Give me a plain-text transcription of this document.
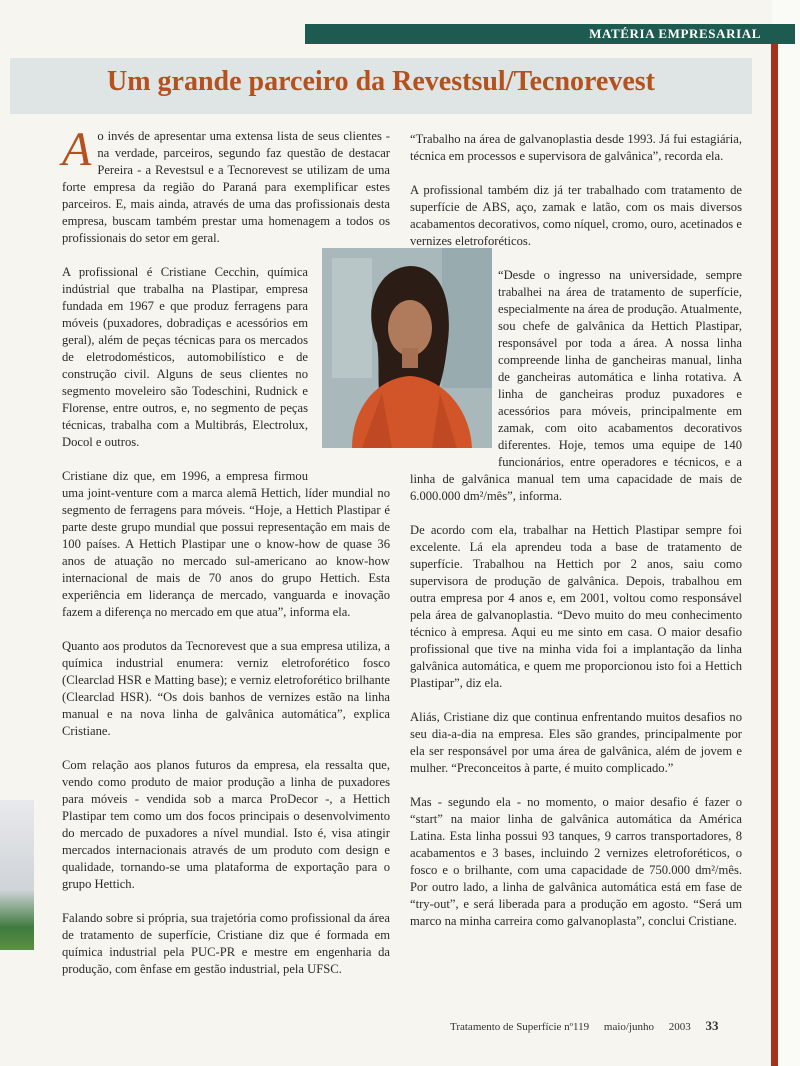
MATÉRIA EMPRESARIAL
Um grande parceiro da Revestsul/Tecnorevest

Ao invés de apresentar uma extensa lista de seus clientes - na verdade, parceiros, segundo faz questão de destacar Pereira - a Revestsul e a Tecnorevest se utilizam de uma forte empresa da região do Paraná para exemplificar estes parceiros. E, mais ainda, através de uma das profissionais desta empresa, buscam também prestar uma homenagem a todos os profissionais do setor em geral.

A profissional é Cristiane Cecchin, química indústrial que trabalha na Plastipar, empresa fundada em 1967 e que produz ferragens para móveis (puxadores, dobradiças e acessórios em geral), além de peças técnicas para os mercados de eletrodomésticos, automobilístico e de construção civil. Alguns de seus clientes no segmento moveleiro são Todeschini, Rudnick e Florense, entre outros, e, no segmento de peças técnicas, trabalha com a Multibrás, Electrolux, Docol e outros.

Cristiane diz que, em 1996, a empresa firmou uma joint-venture com a marca alemã Hettich, líder mundial no segmento de ferragens para móveis. “Hoje, a Hettich Plastipar é parte deste grupo mundial que possui representação em mais de 100 países. A Hettich Plastipar une o know-how de quase 36 anos de atuação no mercado sul-americano ao know-how internacional de mais de 70 anos do grupo Hettich. Esta experiência em liderança de mercado, vanguarda e inovação fazem a diferença no mercado em que atua”, informa ela.

Quanto aos produtos da Tecnorevest que a sua empresa utiliza, a química industrial enumera: verniz eletroforético fosco (Clearclad HSR e Matting base); e verniz eletroforético brilhante (Clearclad HSR). “Os dois banhos de vernizes estão na linha manual e na nova linha de galvânica automática”, explica Cristiane.

Com relação aos planos futuros da empresa, ela ressalta que, vendo como produto de maior produção a linha de puxadores para móveis - vendida sob a marca ProDecor -, a Hettich Plastipar tem como um dos focos principais o desenvolvimento do mercado de puxadores a nível mundial. Isto é, visa atingir mercados internacionais através de um produto com design e qualidade, tornando-se uma plataforma de exportação para o grupo Hettich.

Falando sobre si própria, sua trajetória como profissional da área de tratamento de superfície, Cristiane diz que é formada em química industrial pela PUC-PR e mestre em engenharia da produção, com ênfase em gestão industrial, pela UFSC.

“Trabalho na área de galvanoplastia desde 1993. Já fui estagiária, técnica em processos e supervisora de galvânica”, recorda ela.

A profissional também diz já ter trabalhado com tratamento de superfície de ABS, aço, zamak e latão, com os mais diversos acabamentos decorativos, como níquel, cromo, ouro, acetinados e vernizes eletroforéticos.

“Desde o ingresso na universidade, sempre trabalhei na área de tratamento de superfície, especialmente na área de produção. Atualmente, sou chefe de galvânica da Hettich Plastipar, responsável por toda a área. A nossa linha compreende linha de gancheiras manual, linha de gancheiras automática e linha rotativa. A linha de gancheiras produz puxadores e acessórios para móveis, principalmente em zamak, com oito acabamentos decorativos diferentes. Hoje, temos uma equipe de 140 funcionários, entre operadores e técnicos, e a linha de galvânica manual tem uma capacidade de mais de 6.000.000 dm²/mês”, informa.

De acordo com ela, trabalhar na Hettich Plastipar sempre foi excelente. Lá ela aprendeu toda a base de tratamento de superfície. Trabalhou na Hettich por 2 anos, saiu como supervisora de produção de galvânica. Depois, trabalhou em outra empresa por 4 anos e, em 2001, voltou como responsável pela área de galvanoplastia. “Devo muito do meu conhecimento técnico à empresa. Aqui eu me sinto em casa. O maior desafio profissional que tive na minha vida foi a implantação da linha galvânica automática, e quem me proporcionou isto foi a Hettich Plastipar”, diz ela.

Aliás, Cristiane diz que continua enfrentando muitos desafios no seu dia-a-dia na empresa. Eles são grandes, principalmente por ela ser responsável por uma área de galvânica, além de jovem e mulher. “Preconceitos à parte, é muito complicado.”

Mas - segundo ela - no momento, o maior desafio é fazer o “start” na maior linha de galvânica automática da América Latina. Esta linha possui 93 tanques, 9 carros transportadores, 8 acabamentos e 3 bases, incluindo 2 vernizes eletroforéticos, o fosco e o brilhante, com uma capacidade de 750.000 dm²/mês. Por outro lado, a linha de galvânica automática está em fase de “try-out”, e será liberada para a produção em agosto. “Será um marco na minha carreira como galvanoplasta”, conclui Cristiane.

Tratamento de Superfície nº119 maio/junho 2003 33
